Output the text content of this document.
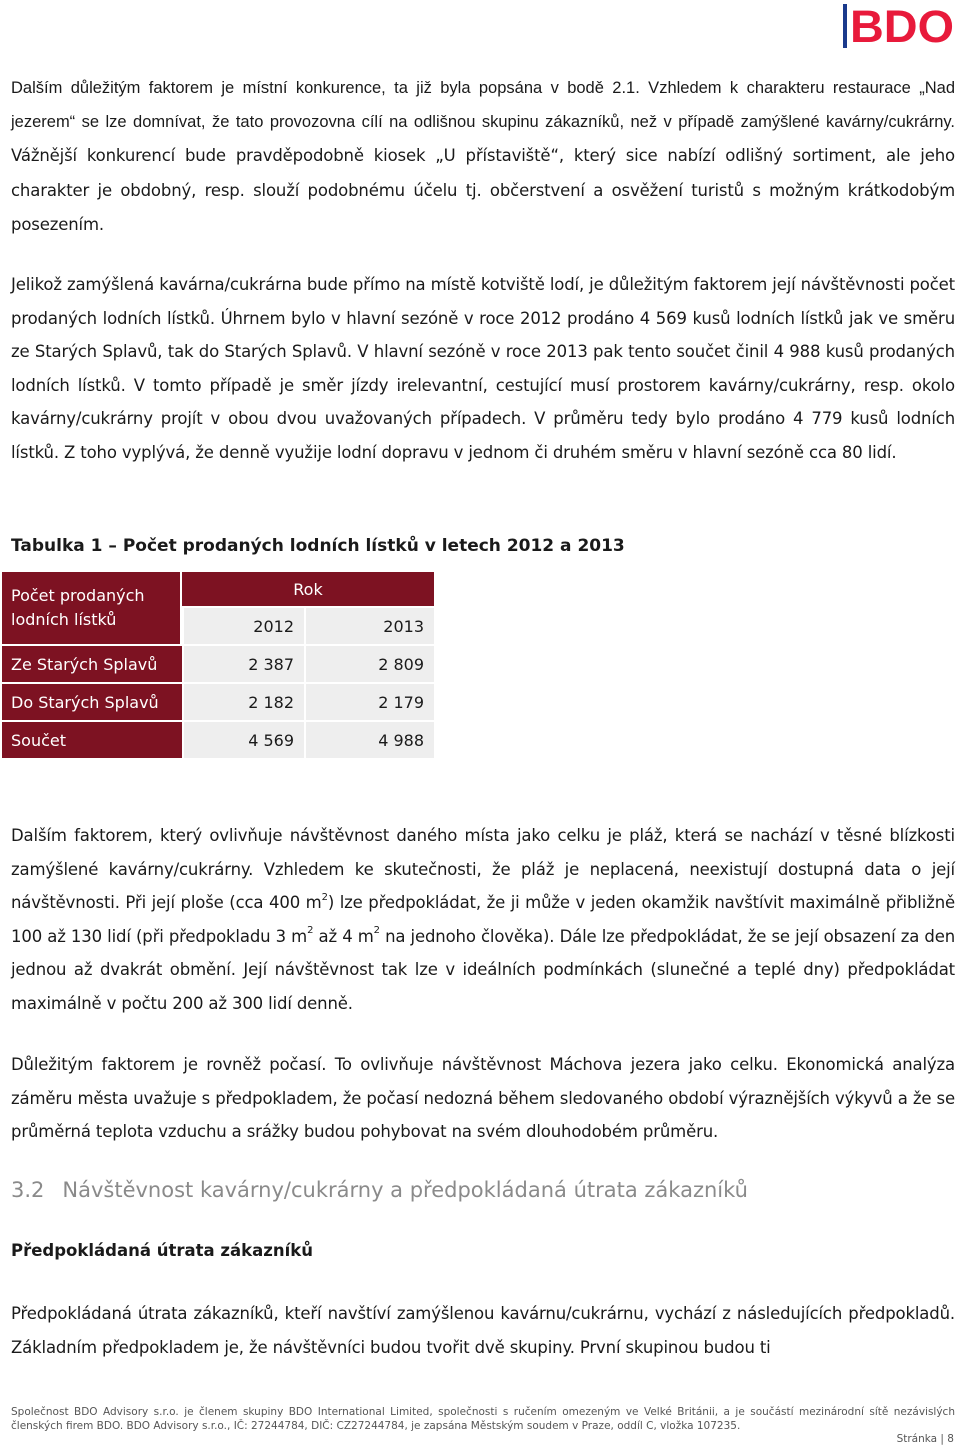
BDO

Dalším důležitým faktorem je místní konkurence, ta již byla popsána v bodě 2.1. Vzhledem k charakteru restaurace „Nad jezerem“ se lze domnívat, že tato provozovna cílí na odlišnou skupinu zákazníků, než v případě zamýšlené kavárny/cukrárny. Vážnější konkurencí bude pravděpodobně kiosek „U přístaviště“, který sice nabízí odlišný sortiment, ale jeho charakter je obdobný, resp. slouží podobnému účelu tj. občerstvení a osvěžení turistů s možným krátkodobým posezením.

Jelikož zamýšlená kavárna/cukrárna bude přímo na místě kotviště lodí, je důležitým faktorem její návštěvnosti počet prodaných lodních lístků. Úhrnem bylo v hlavní sezóně v roce 2012 prodáno 4 569 kusů lodních lístků jak ve směru ze Starých Splavů, tak do Starých Splavů. V hlavní sezóně v roce 2013 pak tento součet činil 4 988 kusů prodaných lodních lístků. V tomto případě je směr jízdy irelevantní, cestující musí prostorem kavárny/cukrárny, resp. okolo kavárny/cukrárny projít v obou dvou uvažovaných případech. V průměru tedy bylo prodáno 4 779 kusů lodních lístků. Z toho vyplývá, že denně využije lodní dopravu v jednom či druhém směru v hlavní sezóně cca 80 lidí.

Tabulka 1 – Počet prodaných lodních lístků v letech 2012 a 2013
Počet prodaných lodních lístků	Rok	
	2012	2013
Ze Starých Splavů	2 387	2 809
Do Starých Splavů	2 182	2 179
Součet	4 569	4 988

Dalším faktorem, který ovlivňuje návštěvnost daného místa jako celku je pláž, která se nachází v těsné blízkosti zamýšlené kavárny/cukrárny. Vzhledem ke skutečnosti, že pláž je neplacená, neexistují dostupná data o její návštěvnosti. Při její ploše (cca 400 $m^2$) lze předpokládat, že ji může v jeden okamžik navštívit maximálně přibližně 100 až 130 lidí (při předpokladu 3 $m^2$ až 4 $m^2$ na jednoho člověka). Dále lze předpokládat, že se její obsazení za den jednou až dvakrát obmění. Její návštěvnost tak lze v ideálních podmínkách (slunečné a teplé dny) předpokládat maximálně v počtu 200 až 300 lidí denně.

Důležitým faktorem je rovněž počasí. To ovlivňuje návštěvnost Máchova jezera jako celku. Ekonomická analýza záměru města uvažuje s předpokladem, že počasí nedozná během sledovaného období výraznějších výkyvů a že se průměrná teplota vzduchu a srážky budou pohybovat na svém dlouhodobém průměru.

3.2 Návštěvnost kavárny/cukrárny a předpokládaná útrata zákazníků
Předpokládaná útrata zákazníků

Předpokládaná útrata zákazníků, kteří navštíví zamýšlenou kavárnu/cukrárnu, vychází z následujících předpokladů. Základním předpokladem je, že návštěvníci budou tvořit dvě skupiny. První skupinou budou ti

Společnost BDO Advisory s.r.o. je členem skupiny BDO International Limited, společnosti s ručením omezeným ve Velké Británii, a je součástí mezinárodní sítě nezávislých členských firem BDO. BDO Advisory s.r.o., IČ: 27244784, DIČ: CZ27244784, je zapsána Městským soudem v Praze, oddíl C, vložka 107235.
Stránka | 8
